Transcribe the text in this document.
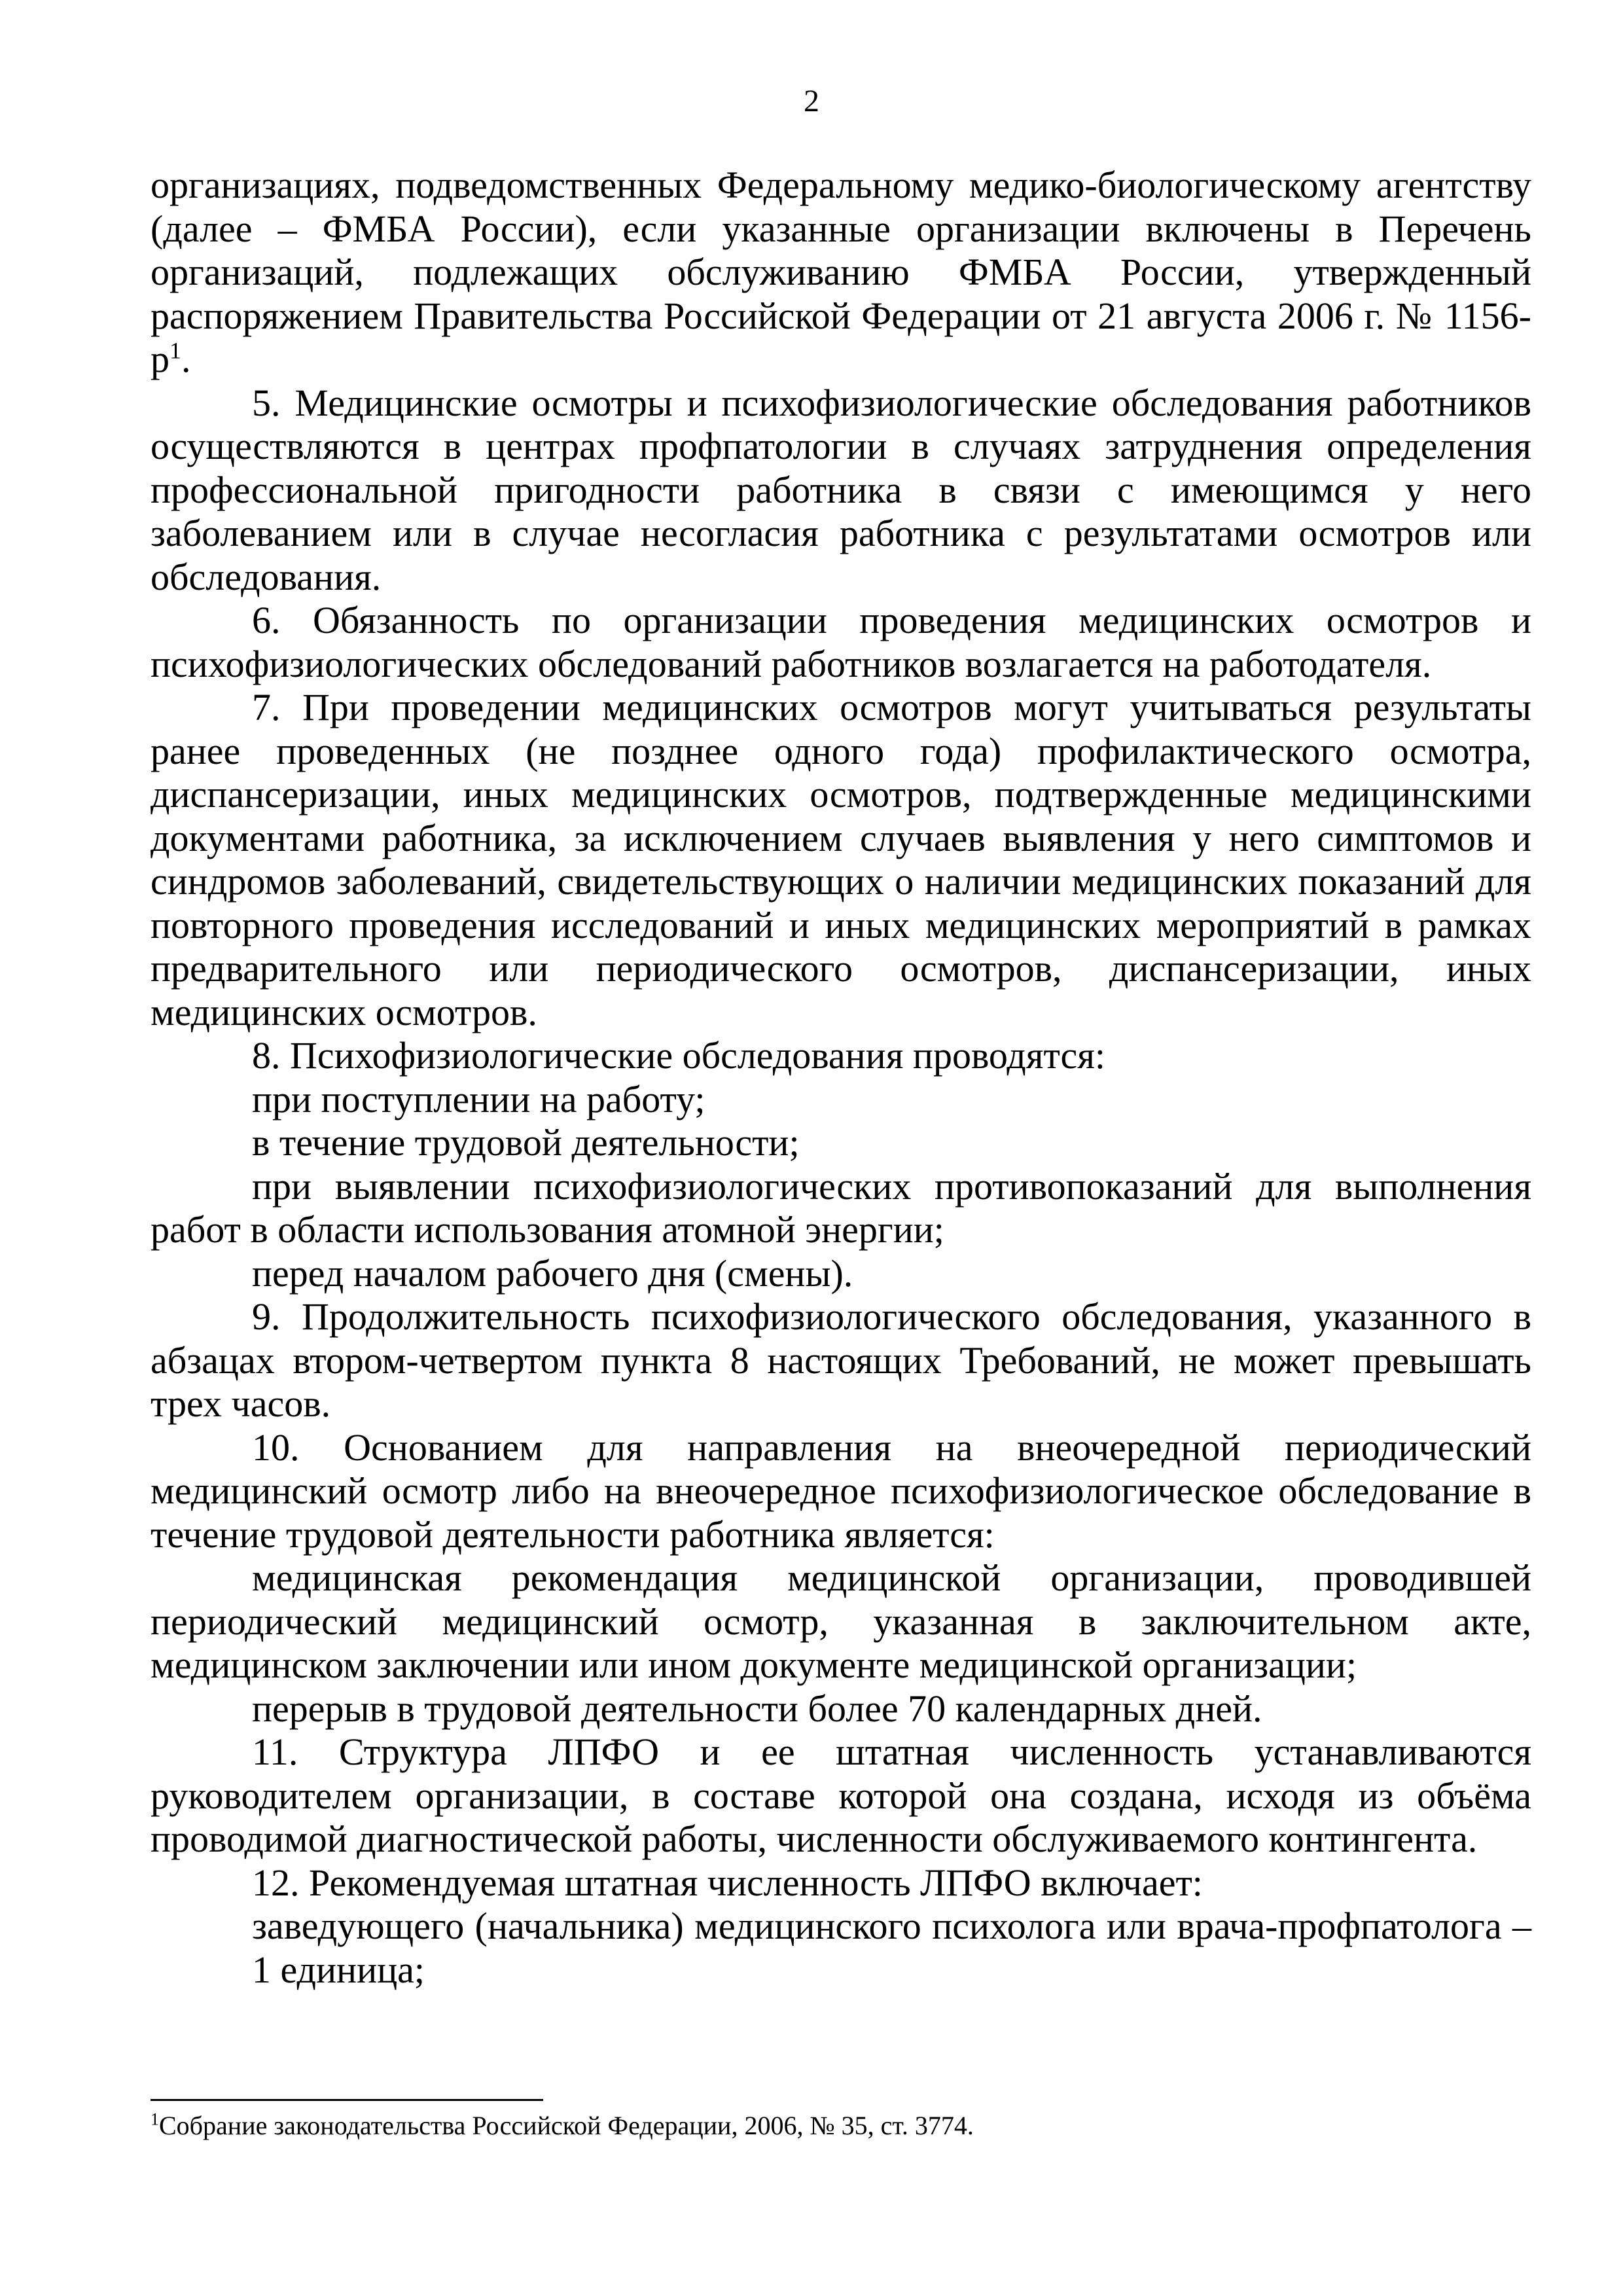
2

организациях, подведомственных Федеральному медико-биологическому агентству (далее – ФМБА России), если указанные организации включены в Перечень организаций, подлежащих обслуживанию ФМБА России, утвержденный распоряжением Правительства Российской Федерации от 21 августа 2006 г. № $1156-р^1$.

5. Медицинские осмотры и психофизиологические обследования работников осуществляются в центрах профпатологии в случаях затруднения определения профессиональной пригодности работника в связи с имеющимся у него заболеванием или в случае несогласия работника с результатами осмотров или обследования.

6. Обязанность по организации проведения медицинских осмотров и психофизиологических обследований работников возлагается на работодателя.

7. При проведении медицинских осмотров могут учитываться результаты ранее проведенных (не позднее одного года) профилактического осмотра, диспансеризации, иных медицинских осмотров, подтвержденные медицинскими документами работника, за исключением случаев выявления у него симптомов и синдромов заболеваний, свидетельствующих о наличии медицинских показаний для повторного проведения исследований и иных медицинских мероприятий в рамках предварительного или периодического осмотров, диспансеризации, иных медицинских осмотров.

8. Психофизиологические обследования проводятся:

при поступлении на работу;

в течение трудовой деятельности;

при выявлении психофизиологических противопоказаний для выполнения работ в области использования атомной энергии;

перед началом рабочего дня (смены).

9. Продолжительность психофизиологического обследования, указанного в абзацах втором-четвертом пункта 8 настоящих Требований, не может превышать трех часов.

10. Основанием для направления на внеочередной периодический медицинский осмотр либо на внеочередное психофизиологическое обследование в течение трудовой деятельности работника является:

медицинская рекомендация медицинской организации, проводившей периодический медицинский осмотр, указанная в заключительном акте, медицинском заключении или ином документе медицинской организации;

перерыв в трудовой деятельности более 70 календарных дней.

11. Структура ЛПФО и ее штатная численность устанавливаются руководителем организации, в составе которой она создана, исходя из объёма проводимой диагностической работы, численности обслуживаемого контингента.

12. Рекомендуемая штатная численность ЛПФО включает:

заведующего (начальника) медицинского психолога или врача-профпатолога – 1 единица;

$^1$Собрание законодательства Российской Федерации, 2006, № 35, ст. 3774.
